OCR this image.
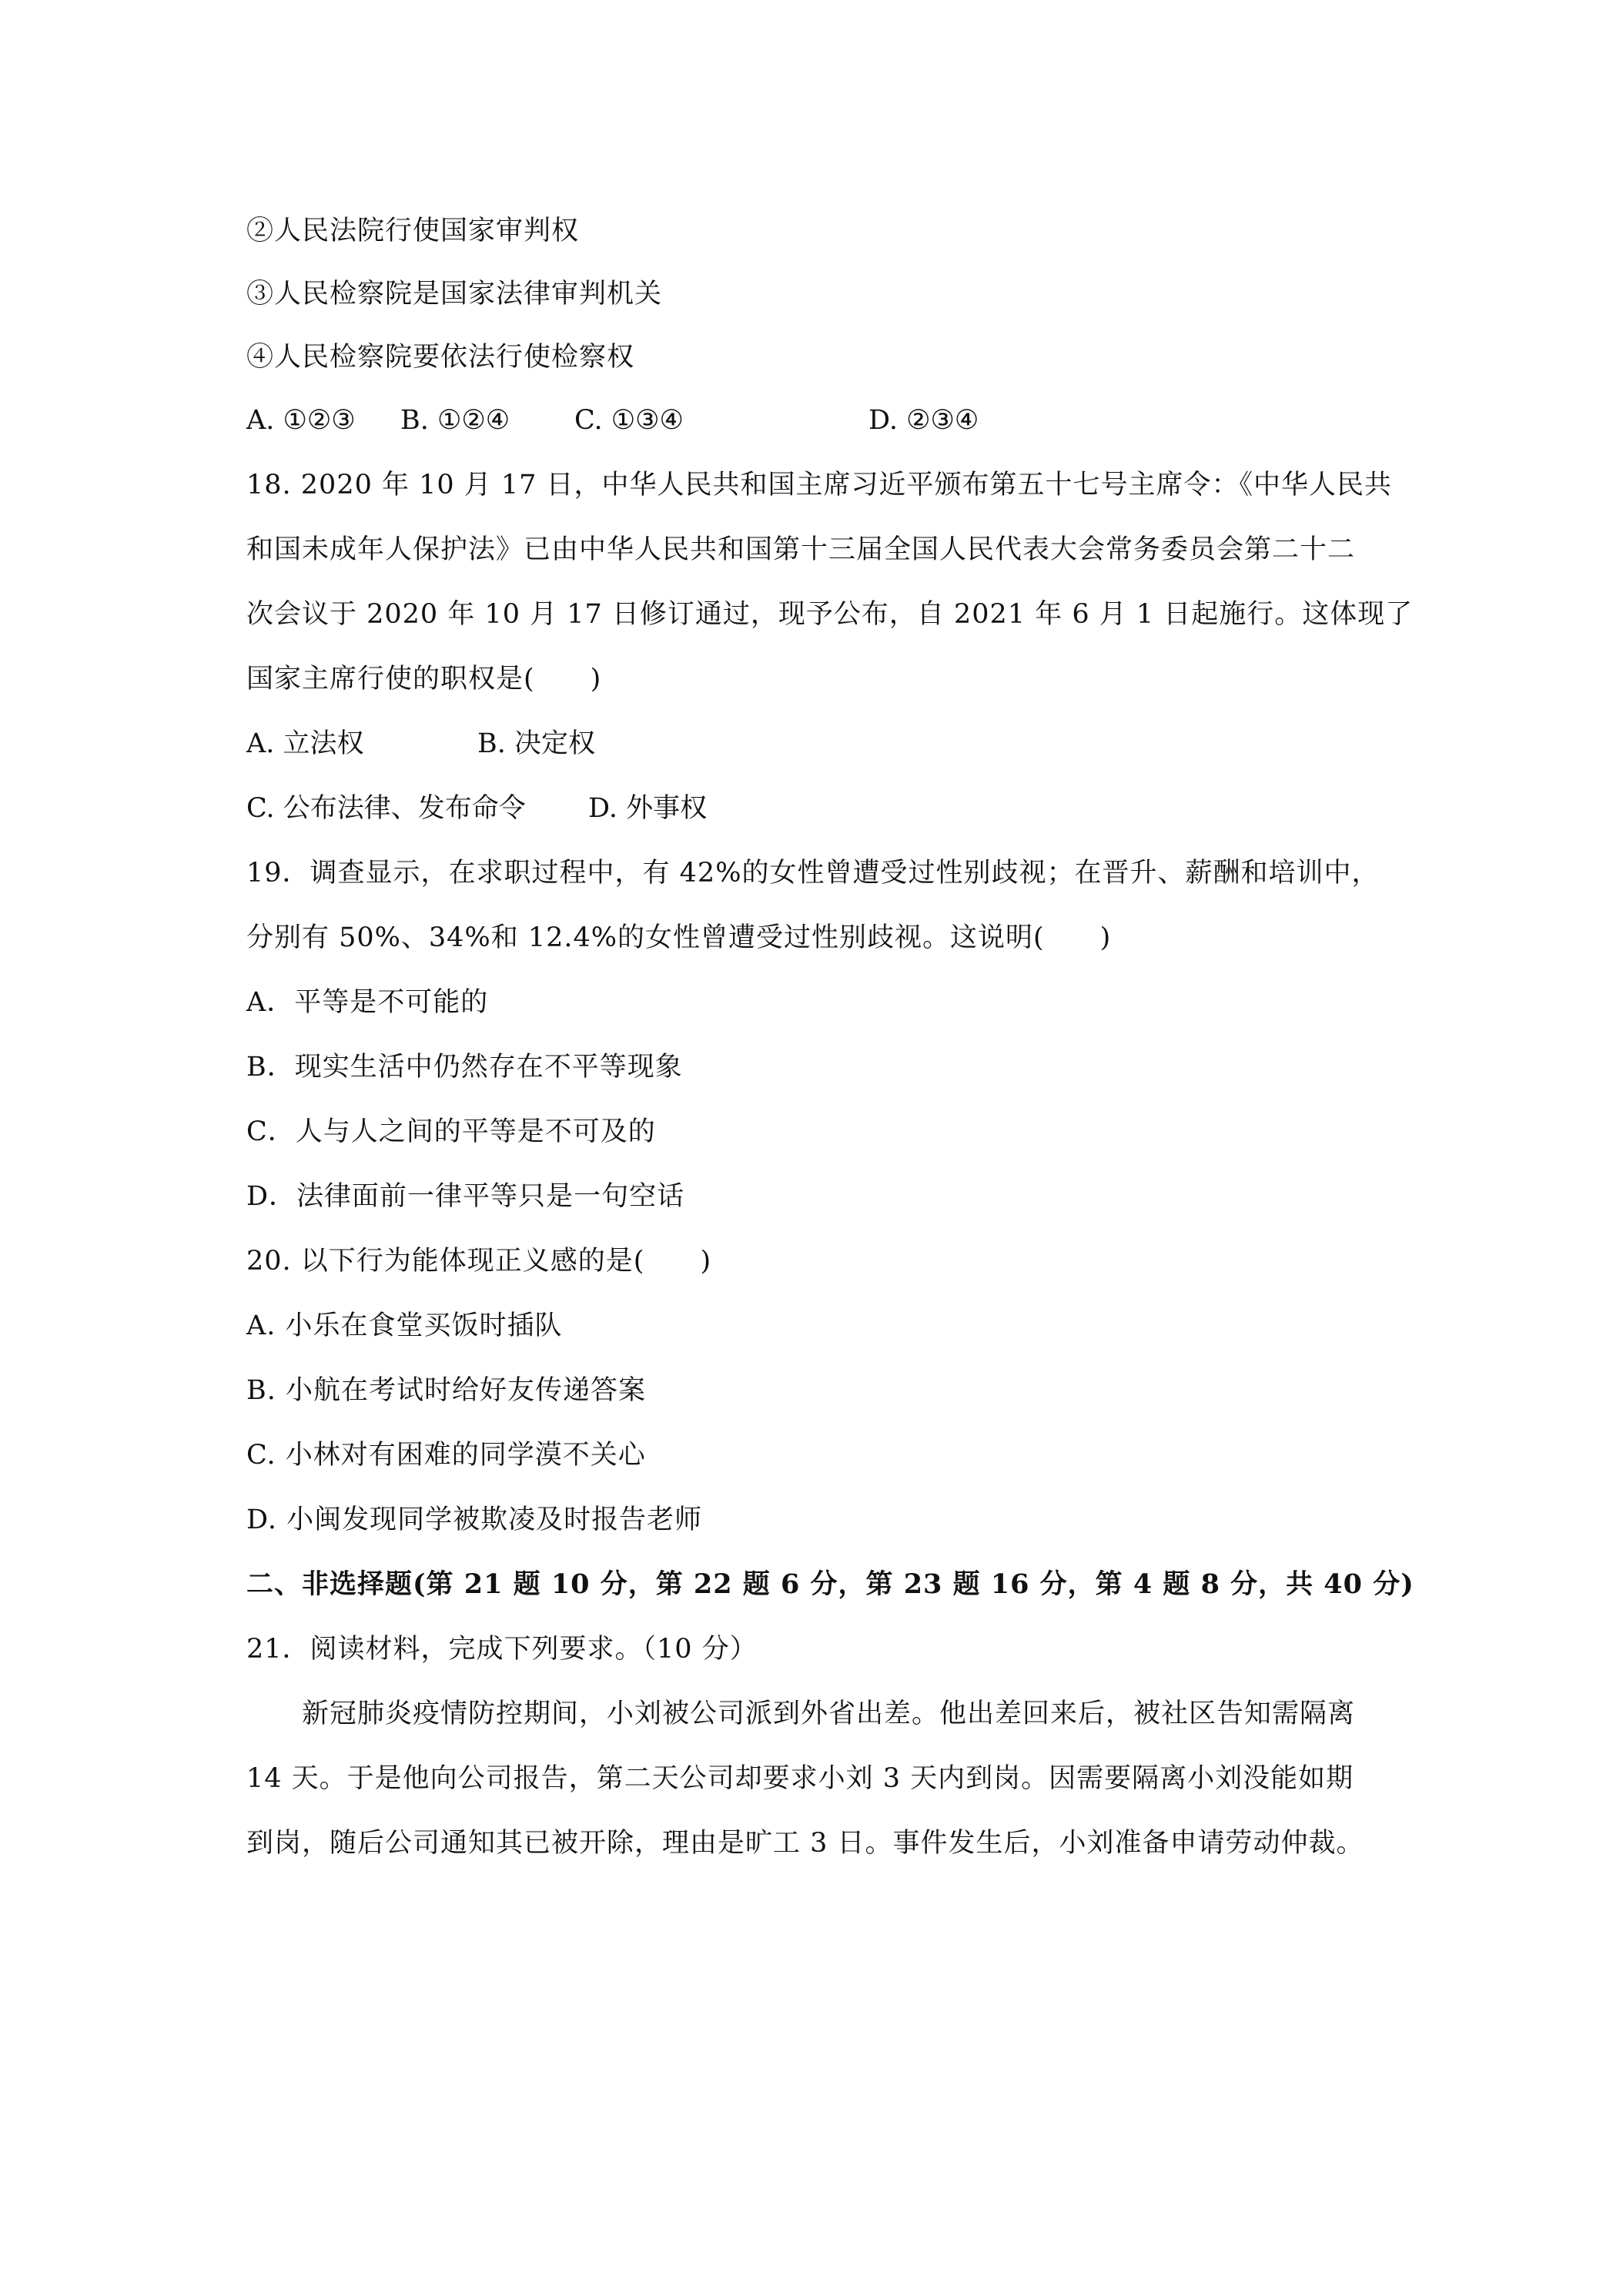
②人民法院行使国家审判权
③人民检察院是国家法律审判机关
④人民检察院要依法行使检察权
A. ①②③ B. ①②④ C. ①③④	D. ②③④
18. 2020 年 10 月 17 日，中华人民共和国主席习近平颁布第五十七号主席令：《中华人民共
和国未成年人保护法》已由中华人民共和国第十三届全国人民代表大会常务委员会第二十二
次会议于 2020 年 10 月 17 日修订通过，现予公布，自 2021 年 6 月 1 日起施行。这体现了
国家主席行使的职权是(　　)
A. 立法权	B. 决定权
C. 公布法律、发布命令 D. 外事权
19．调查显示，在求职过程中，有 42%的女性曾遭受过性别歧视；在晋升、薪酬和培训中，
分别有 50%、34%和 12.4%的女性曾遭受过性别歧视。这说明(　　)
A．平等是不可能的
B．现实生活中仍然存在不平等现象
C．人与人之间的平等是不可及的
D．法律面前一律平等只是一句空话
20. 以下行为能体现正义感的是(　　)
A. 小乐在食堂买饭时插队
B. 小航在考试时给好友传递答案
C. 小林对有困难的同学漠不关心
D. 小闽发现同学被欺凌及时报告老师
二、非选择题(第 21 题 10 分，第 22 题 6 分，第 23 题 16 分，第 4 题 8 分，共 40 分)
21．阅读材料，完成下列要求。（10 分）
新冠肺炎疫情防控期间，小刘被公司派到外省出差。他出差回来后，被社区告知需隔离
14 天。于是他向公司报告，第二天公司却要求小刘 3 天内到岗。因需要隔离小刘没能如期
到岗，随后公司通知其已被开除，理由是旷工 3 日。事件发生后，小刘准备申请劳动仲裁。
